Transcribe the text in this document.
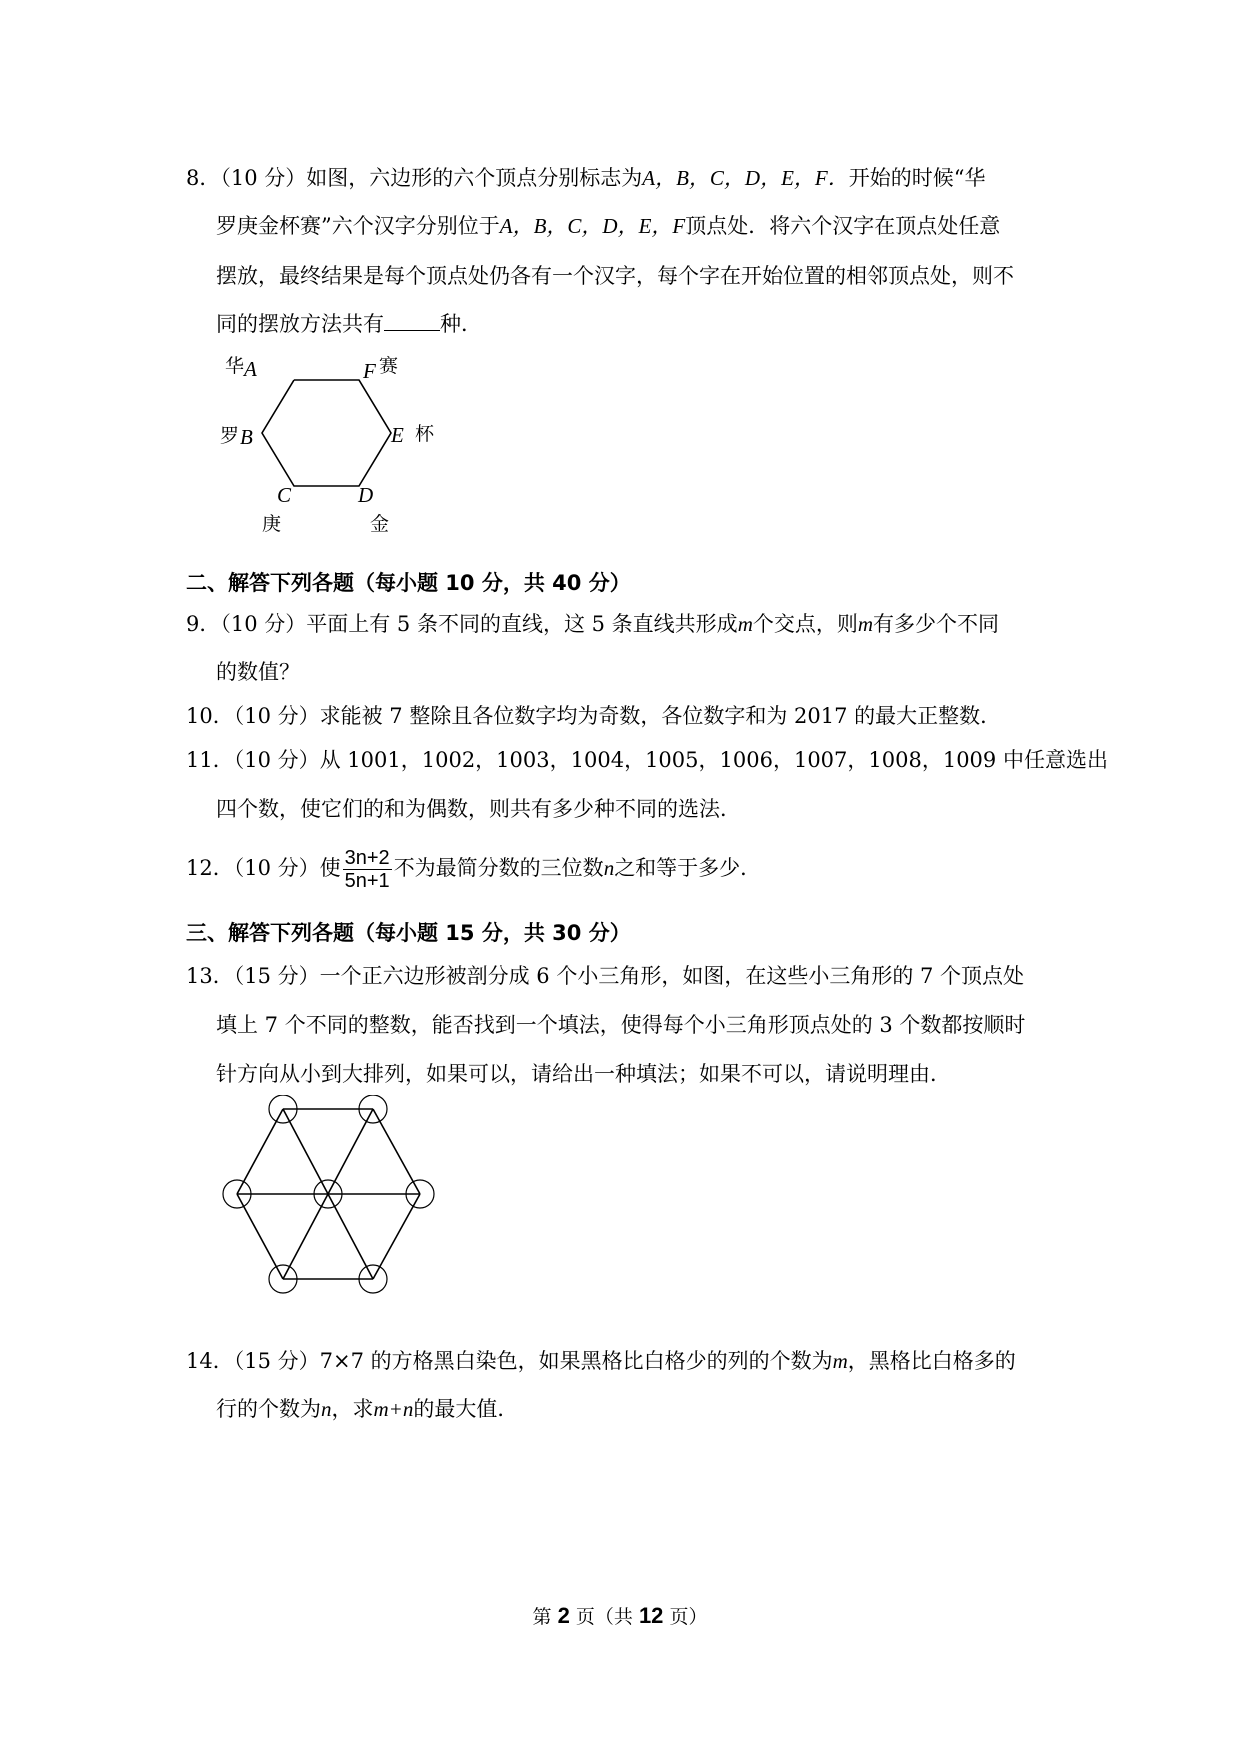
8．（10 分）如图，六边形的六个顶点分别标志为A，B，C，D，E，F．开始的时候“华
罗庚金杯赛”六个汉字分别位于A，B，C，D，E，F顶点处．将六个汉字在顶点处任意
摆放，最终结果是每个顶点处仍各有一个汉字，每个字在开始位置的相邻顶点处，则不
同的摆放方法共有	种．
华 A
罗 B
C
庚
D
金
E 杯
F 赛
二、解答下列各题（每小题 10 分，共 40 分）
9．（10 分）平面上有 5 条不同的直线，这 5 条直线共形成m个交点，则m有多少个不同
的数值？
10．（10 分）求能被 7 整除且各位数字均为奇数，各位数字和为 2017 的最大正整数．
11．（10 分）从 1001，1002，1003，1004，1005，1006，1007，1008，1009 中任意选出
四个数，使它们的和为偶数，则共有多少种不同的选法．
12．（10 分）使 $\frac{3n+2}{5n+1}$ 不为最简分数的三位数n之和等于多少．
三、解答下列各题（每小题 15 分，共 30 分）
13．（15 分）一个正六边形被剖分成 6 个小三角形，如图，在这些小三角形的 7 个顶点处
填上 7 个不同的整数，能否找到一个填法，使得每个小三角形顶点处的 3 个数都按顺时
针方向从小到大排列，如果可以，请给出一种填法；如果不可以，请说明理由．
14．（15 分）7×7 的方格黑白染色，如果黑格比白格少的列的个数为m，黑格比白格多的
行的个数为n，求m+n的最大值．
第 2 页（共 12 页）
